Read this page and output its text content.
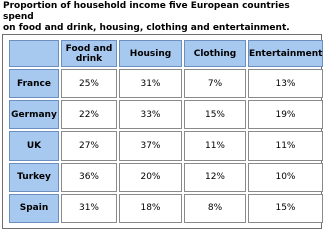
Proportion of household income five European countries spend
on food and drink, housing, clothing and entertainment.

	Food and drink	Housing	Clothing	Entertainment
France	25%	31%	7%	13%
Germany	22%	33%	15%	19%
UK	27%	37%	11%	11%
Turkey	36%	20%	12%	10%
Spain	31%	18%	8%	15%
